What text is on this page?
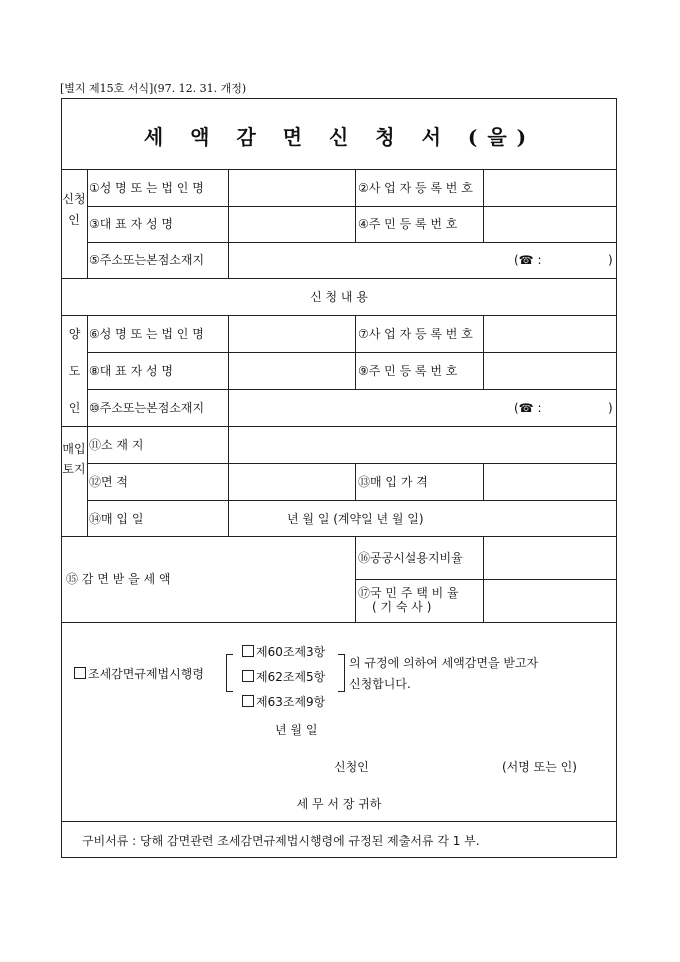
[별지 제15호 서식](97. 12. 31. 개정)
세 액 감 면 신 청 서 (을)
신청인
①성 명 또 는 법 인 명	②사 업 자 등 록 번 호
③대 표 자 성 명	④주 민 등 록 번 호
⑤주소또는본점소재지	(☎ :	)
신 청 내 용
양
도
인
⑥성 명 또 는 법 인 명	⑦사 업 자 등 록 번 호
⑧대 표 자 성 명	⑨주 민 등 록 번 호
⑩주소또는본점소재지	(☎ :	)
매입토지
⑪소 재 지
⑫면 적	⑬매 입 가 격
⑭매 입 일	년 월 일 (계약일 년 월 일)
⑮ 감 면 받 을 세 액
⑯공공시설용지비율
⑰국 민 주 택 비 율
( 기 숙 사 )
조세감면규제법시행령
제60조제3항
제62조제5항
제63조제9항
의 규정에 의하여 세액감면을 받고자
신청합니다.
년 월 일
신청인	(서명 또는 인)
세 무 서 장 귀하
구비서류 : 당해 감면관련 조세감면규제법시행령에 규정된 제출서류 각 1 부.
